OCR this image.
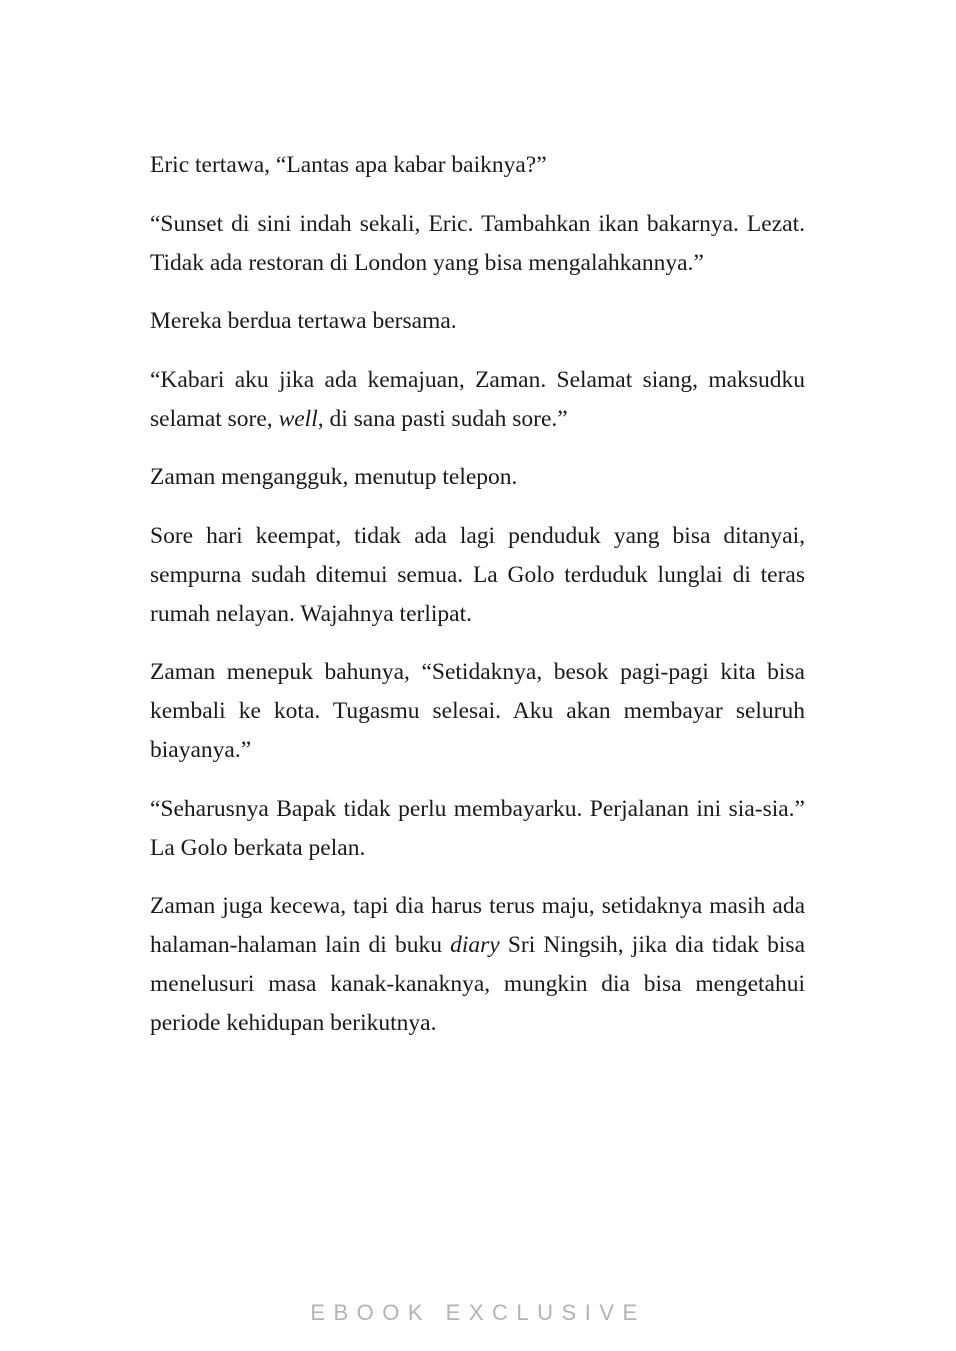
Eric tertawa, “Lantas apa kabar baiknya?”

“Sunset di sini indah sekali, Eric. Tambahkan ikan bakarnya. Lezat. Tidak ada restoran di London yang bisa mengalahkannya.”

Mereka berdua tertawa bersama.

“Kabari aku jika ada kemajuan, Zaman. Selamat siang, maksudku selamat sore, well, di sana pasti sudah sore.”

Zaman mengangguk, menutup telepon.

Sore hari keempat, tidak ada lagi penduduk yang bisa ditanyai, sempurna sudah ditemui semua. La Golo terduduk lunglai di teras rumah nelayan. Wajahnya terlipat.

Zaman menepuk bahunya, “Setidaknya, besok pagi-pagi kita bisa kembali ke kota. Tugasmu selesai. Aku akan membayar seluruh biayanya.”

“Seharusnya Bapak tidak perlu membayarku. Perjalanan ini sia-sia.” La Golo berkata pelan.

Zaman juga kecewa, tapi dia harus terus maju, setidaknya masih ada halaman-halaman lain di buku diary Sri Ningsih, jika dia tidak bisa menelusuri masa kanak-kanaknya, mungkin dia bisa mengetahui periode kehidupan berikutnya.

EBOOK EXCLUSIVE
